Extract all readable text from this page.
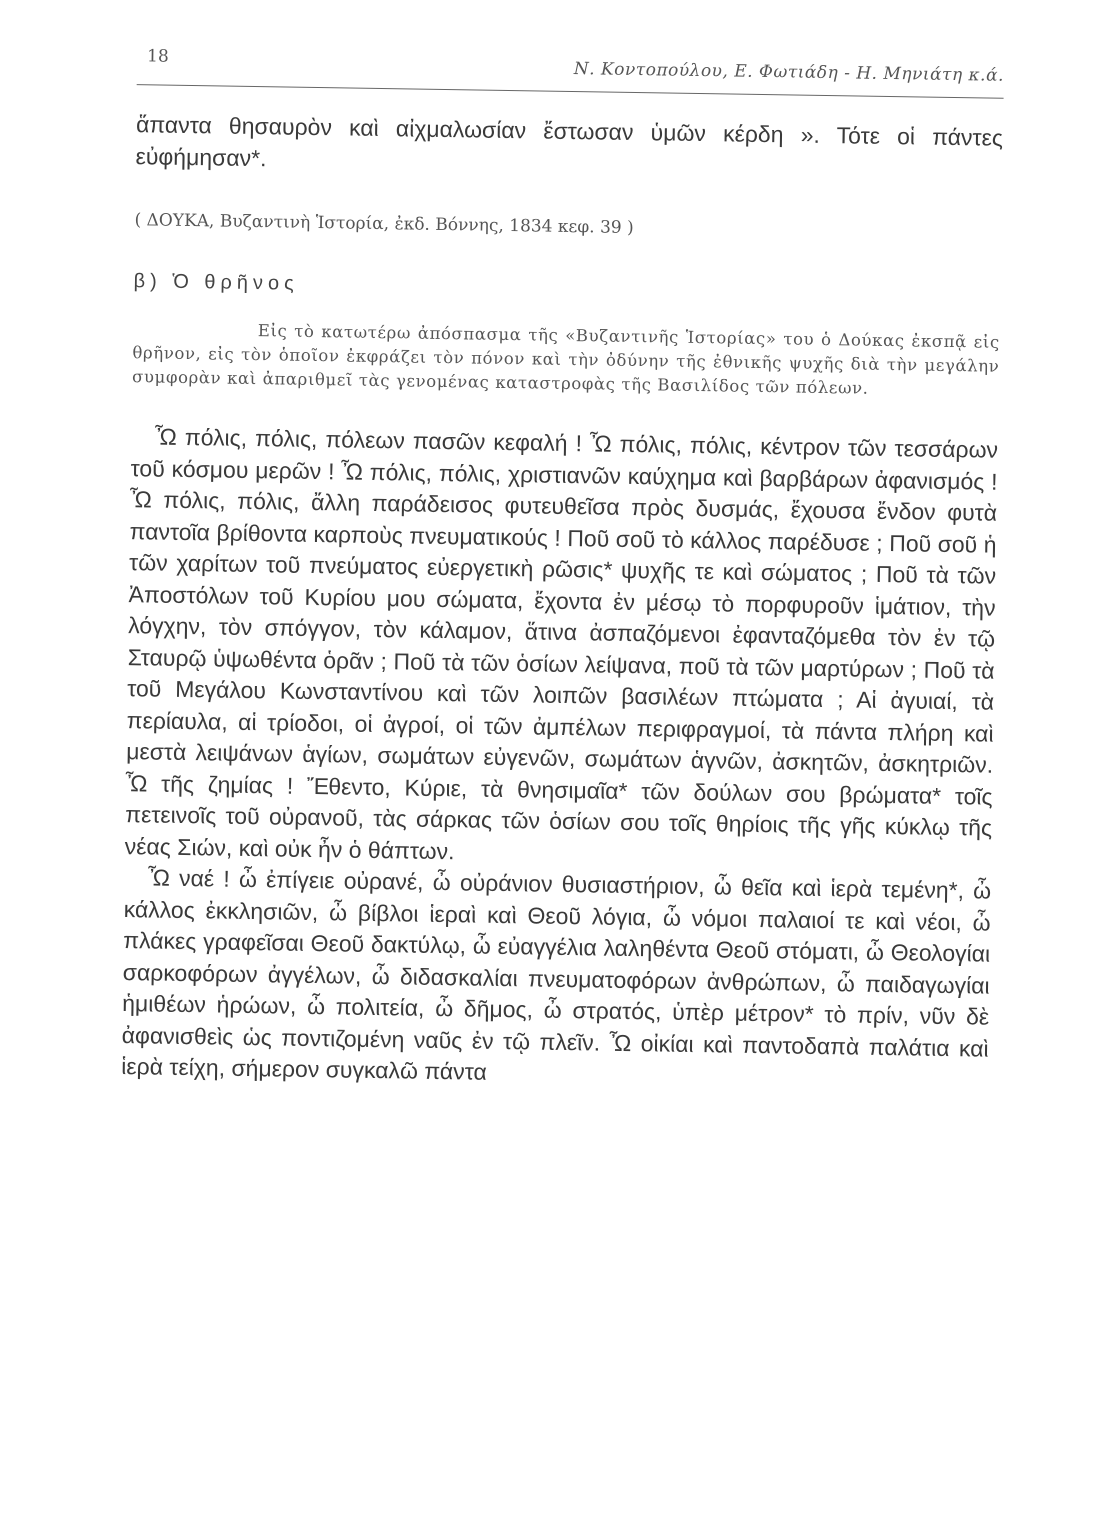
18
Ν. Κοντοπούλου, Ε. Φωτιάδη - Η. Μηνιάτη κ.ά.

ἅπαντα θησαυρὸν καὶ αἰχμαλωσίαν ἔστωσαν ὑμῶν κέρδη ». Τότε οἱ πάντες εὐφήμησαν*.

( ΔΟΥΚΑ, Βυζαντινὴ Ἱστορία, ἐκδ. Βόννης, 1834 κεφ. 39 )

β) Ὁ θρῆνος

Εἰς τὸ κατωτέρω ἀπόσπασμα τῆς «Βυζαντινῆς Ἱστορίας» του ὁ Δούκας ἐκσπᾷ εἰς θρῆνον, εἰς τὸν ὁποῖον ἐκφράζει τὸν πόνον καὶ τὴν ὀδύνην τῆς ἐθνικῆς ψυχῆς διὰ τὴν μεγάλην συμφορὰν καὶ ἀπαριθμεῖ τὰς γενομένας καταστροφὰς τῆς Βασιλίδος τῶν πόλεων.

Ὦ πόλις, πόλις, πόλεων πασῶν κεφαλή ! Ὦ πόλις, πόλις, κέντρον τῶν τεσσάρων τοῦ κόσμου μερῶν ! Ὦ πόλις, πόλις, χριστιανῶν καύχημα καὶ βαρβάρων ἀφανισμός ! Ὦ πόλις, πόλις, ἄλλη παράδεισος φυτευθεῖσα πρὸς δυσμάς, ἔχουσα ἔνδον φυτὰ παντοῖα βρίθοντα καρποὺς πνευματικούς ! Ποῦ σοῦ τὸ κάλλος παρέδυσε ; Ποῦ σοῦ ἡ τῶν χαρίτων τοῦ πνεύματος εὐεργετικὴ ρῶσις* ψυχῆς τε καὶ σώματος ; Ποῦ τὰ τῶν Ἀποστόλων τοῦ Κυρίου μου σώματα, ἔχοντα ἐν μέσῳ τὸ πορφυροῦν ἱμάτιον, τὴν λόγχην, τὸν σπόγγον, τὸν κάλαμον, ἅτινα ἀσπαζόμενοι ἐφανταζόμεθα τὸν ἐν τῷ Σταυρῷ ὑψωθέντα ὁρᾶν ; Ποῦ τὰ τῶν ὁσίων λείψανα, ποῦ τὰ τῶν μαρτύρων ; Ποῦ τὰ τοῦ Μεγάλου Κωνσταντίνου καὶ τῶν λοιπῶν βασιλέων πτώματα ; Αἱ ἀγυιαί, τὰ περίαυλα, αἱ τρίοδοι, οἱ ἀγροί, οἱ τῶν ἀμπέλων περιφραγμοί, τὰ πάντα πλήρη καὶ μεστὰ λειψάνων ἁγίων, σωμάτων εὐγενῶν, σωμάτων ἁγνῶν, ἀσκητῶν, ἀσκητριῶν. Ὦ τῆς ζημίας ! Ἔθεντο, Κύριε, τὰ θνησιμαῖα* τῶν δούλων σου βρώματα* τοῖς πετεινοῖς τοῦ οὐρανοῦ, τὰς σάρκας τῶν ὁσίων σου τοῖς θηρίοις τῆς γῆς κύκλῳ τῆς νέας Σιών, καὶ οὐκ ἦν ὁ θάπτων.

Ὦ ναέ ! ὦ ἐπίγειε οὐρανέ, ὦ οὐράνιον θυσιαστήριον, ὦ θεῖα καὶ ἱερὰ τεμένη*, ὦ κάλλος ἐκκλησιῶν, ὦ βίβλοι ἱεραὶ καὶ Θεοῦ λόγια, ὦ νόμοι παλαιοί τε καὶ νέοι, ὦ πλάκες γραφεῖσαι Θεοῦ δακτύλῳ, ὦ εὐαγγέλια λαληθέντα Θεοῦ στόματι, ὦ Θεολογίαι σαρκοφόρων ἀγγέλων, ὦ διδασκαλίαι πνευματοφόρων ἀνθρώπων, ὦ παιδαγωγίαι ἡμιθέων ἡρώων, ὦ πολιτεία, ὦ δῆμος, ὦ στρατός, ὑπὲρ μέτρον* τὸ πρίν, νῦν δὲ ἀφανισθεὶς ὡς ποντιζομένη ναῦς ἐν τῷ πλεῖν. Ὦ οἰκίαι καὶ παντοδαπὰ παλάτια καὶ ἱερὰ τείχη, σήμερον συγκαλῶ πάντα
